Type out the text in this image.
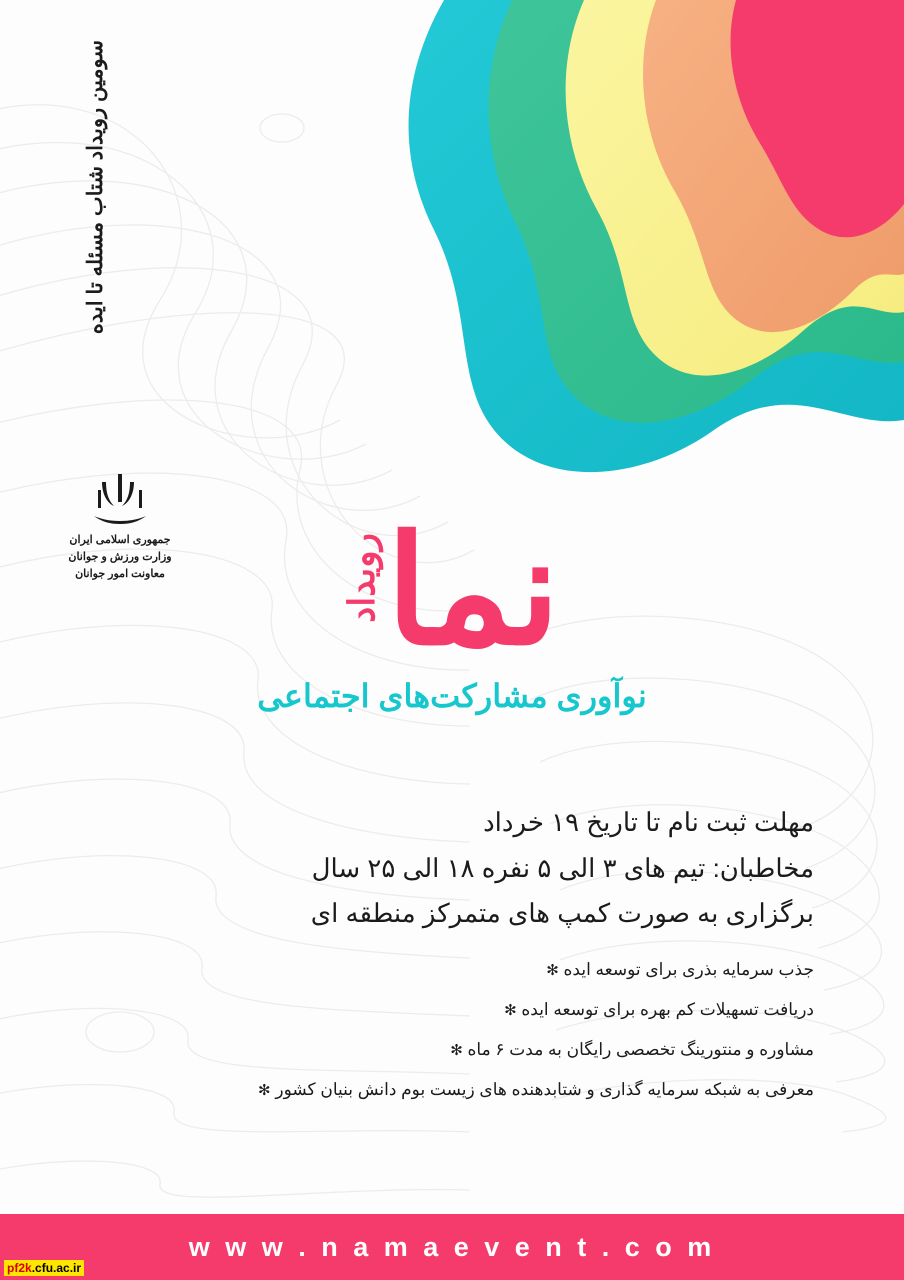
سومین رویداد شتاب مسئله تا ایده
جمهوری اسلامی ایران
وزارت ورزش و جوانان
معاونت امور جوانان نما
رویداد
نوآوری مشارکت‌های اجتماعی
مهلت ثبت نام تا تاریخ ۱۹ خرداد
مخاطبان: تیم های ۳ الی ۵ نفره ۱۸ الی ۲۵ سال
برگزاری به صورت کمپ های متمرکز منطقه ای
جذب سرمایه بذری برای توسعه ایده ✻
دریافت تسهیلات کم بهره برای توسعه ایده ✻
مشاوره و منتورینگ تخصصی رایگان به مدت ۶ ماه ✻
معرفی به شبکه سرمایه گذاری و شتابدهنده های زیست بوم دانش بنیان کشور ✻
w w w . n a m a e v e n t . c o m
pf2k.cfu.ac.ir
